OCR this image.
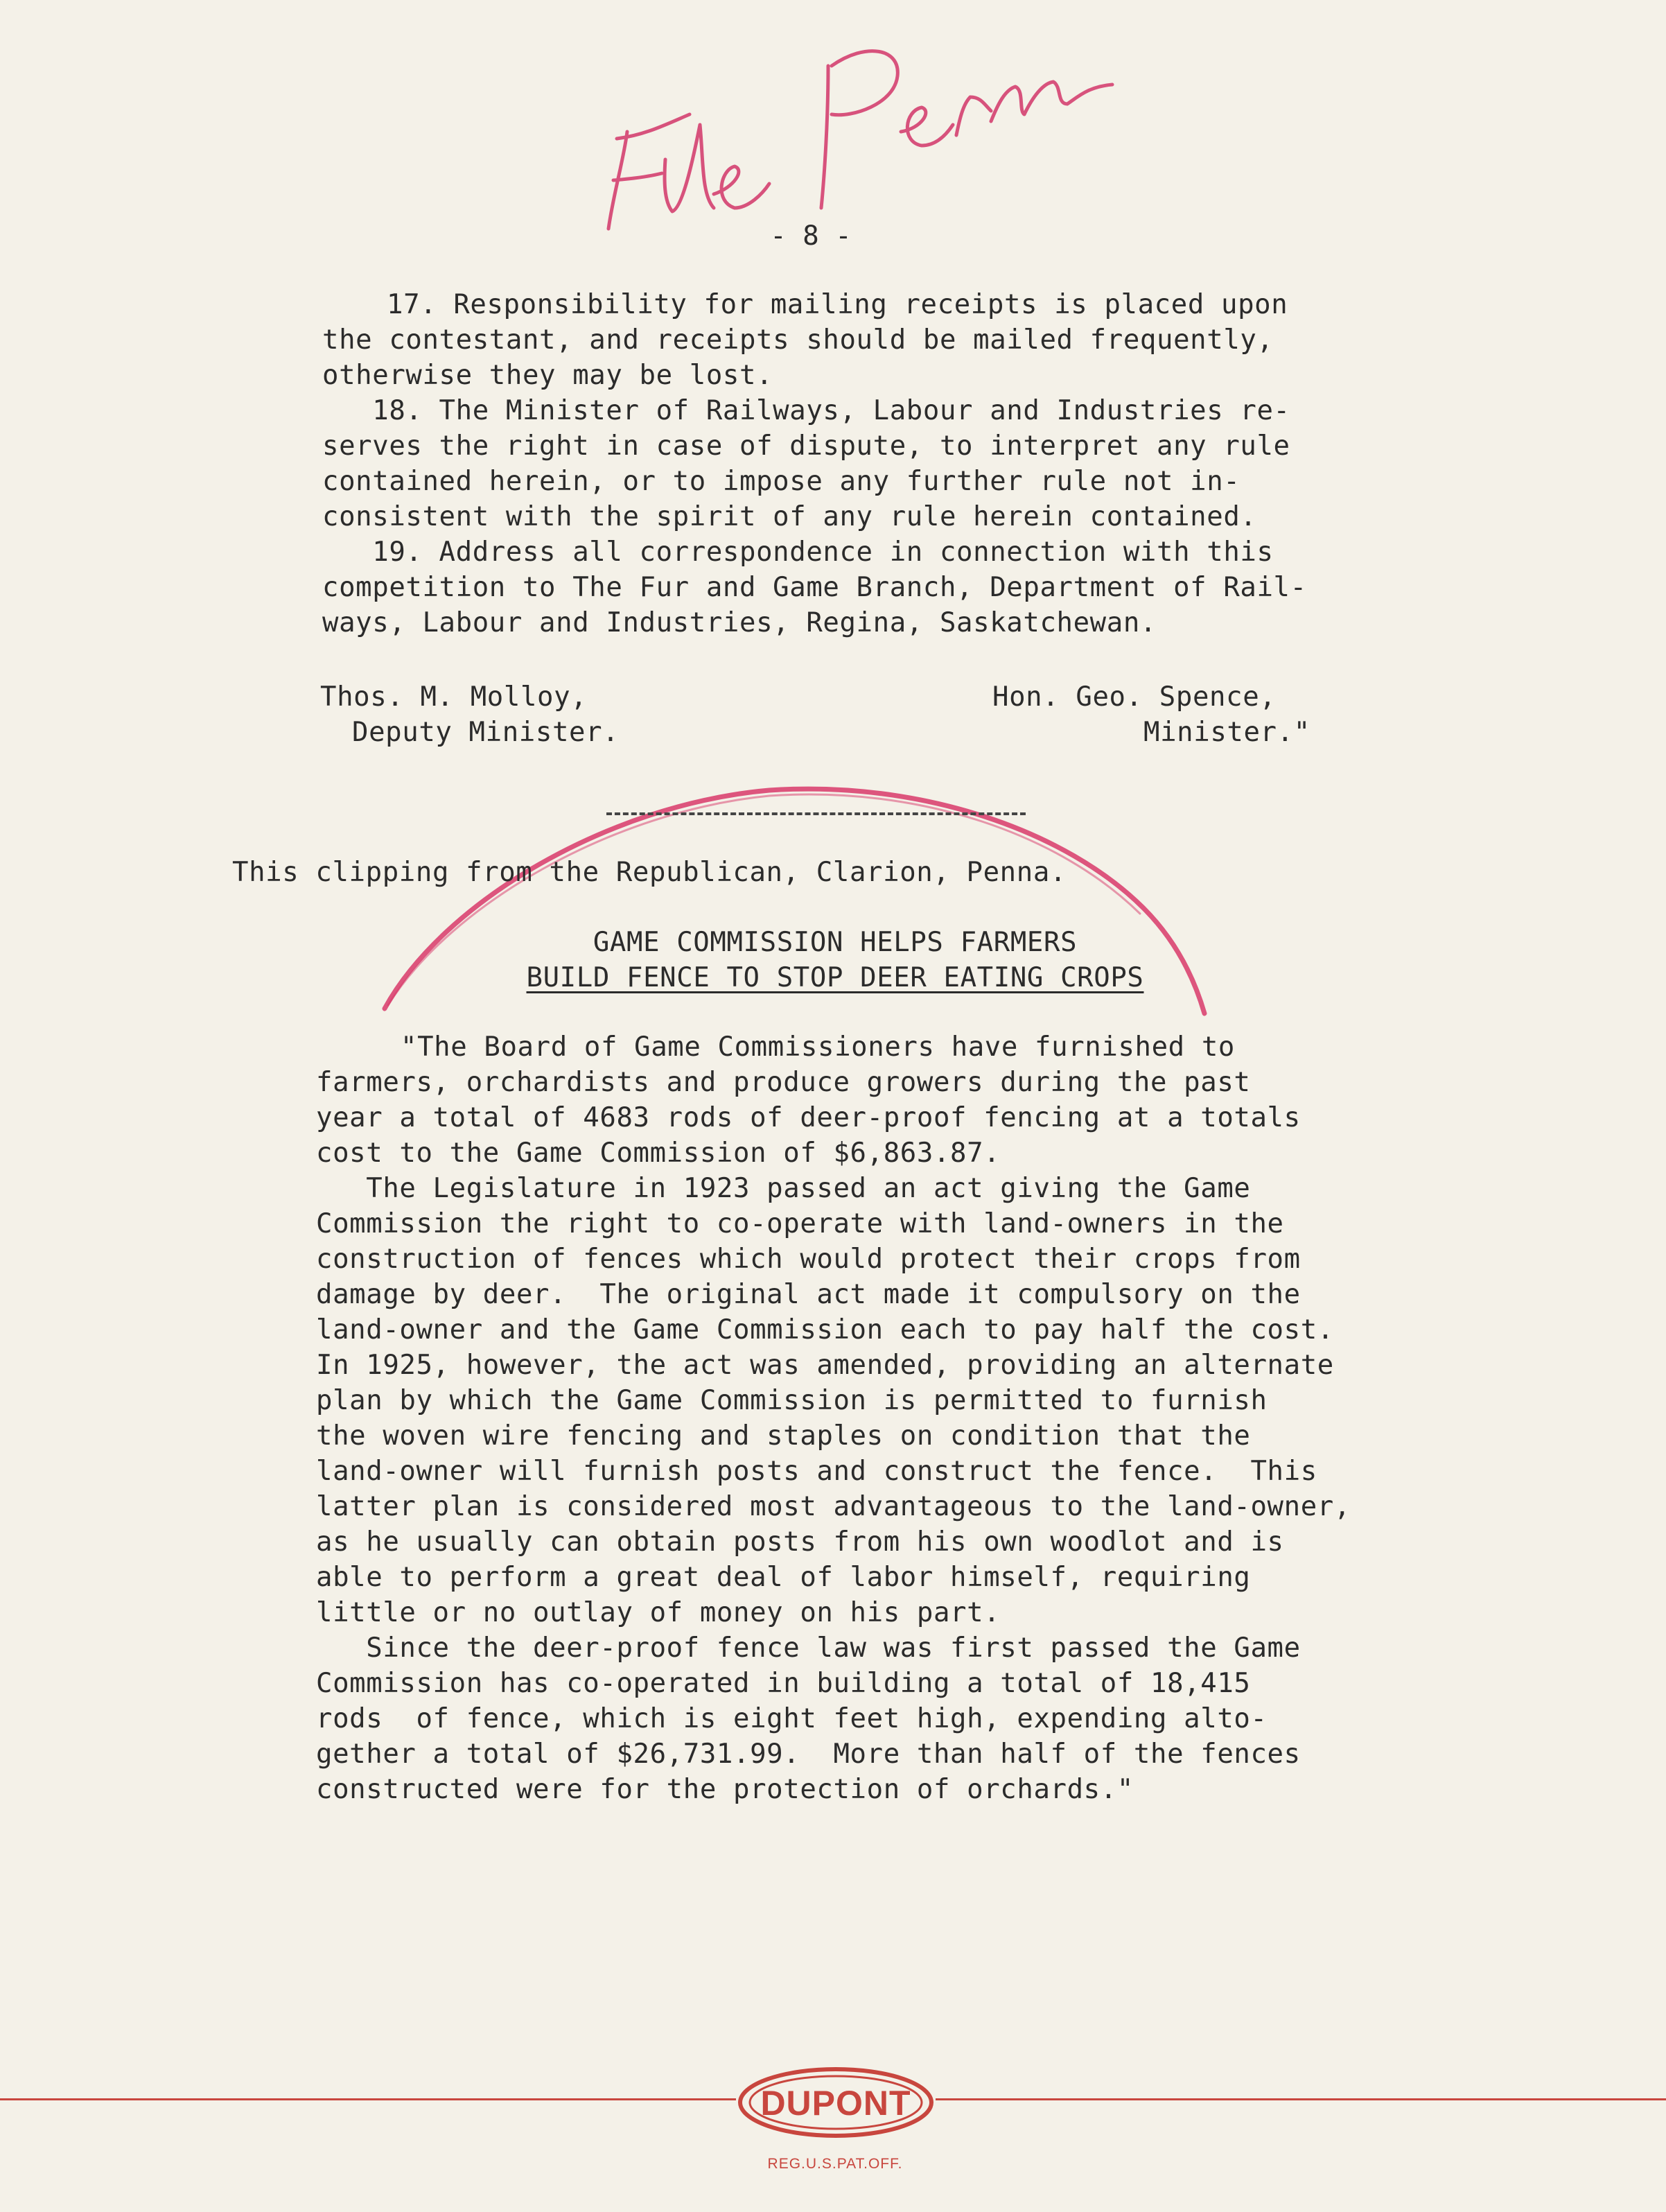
- 8 -
17. Responsibility for mailing receipts is placed upon
the contestant, and receipts should be mailed frequently,
otherwise they may be lost.
18. The Minister of Railways, Labour and Industries re-
serves the right in case of dispute, to interpret any rule
contained herein, or to impose any further rule not in-
consistent with the spirit of any rule herein contained.
19. Address all correspondence in connection with this
competition to The Fur and Game Branch, Department of Rail-
ways, Labour and Industries, Regina, Saskatchewan.
Thos. M. Molloy,
Deputy Minister.
Hon. Geo. Spence,
Minister."
This clipping from the Republican, Clarion, Penna.
GAME COMMISSION HELPS FARMERS
BUILD FENCE TO STOP DEER EATING CROPS
"The Board of Game Commissioners have furnished to
farmers, orchardists and produce growers during the past
year a total of 4683 rods of deer-proof fencing at a totals
cost to the Game Commission of $6,863.87.
The Legislature in 1923 passed an act giving the Game
Commission the right to co-operate with land-owners in the
construction of fences which would protect their crops from
damage by deer.  The original act made it compulsory on the
land-owner and the Game Commission each to pay half the cost.
In 1925, however, the act was amended, providing an alternate
plan by which the Game Commission is permitted to furnish
the woven wire fencing and staples on condition that the
land-owner will furnish posts and construct the fence.  This
latter plan is considered most advantageous to the land-owner,
as he usually can obtain posts from his own woodlot and is
able to perform a great deal of labor himself, requiring
little or no outlay of money on his part.
Since the deer-proof fence law was first passed the Game
Commission has co-operated in building a total of 18,415
rods  of fence, which is eight feet high, expending alto-
gether a total of $26,731.99.  More than half of the fences
constructed were for the protection of orchards."
DUPONT
REG.U.S.PAT.OFF.
